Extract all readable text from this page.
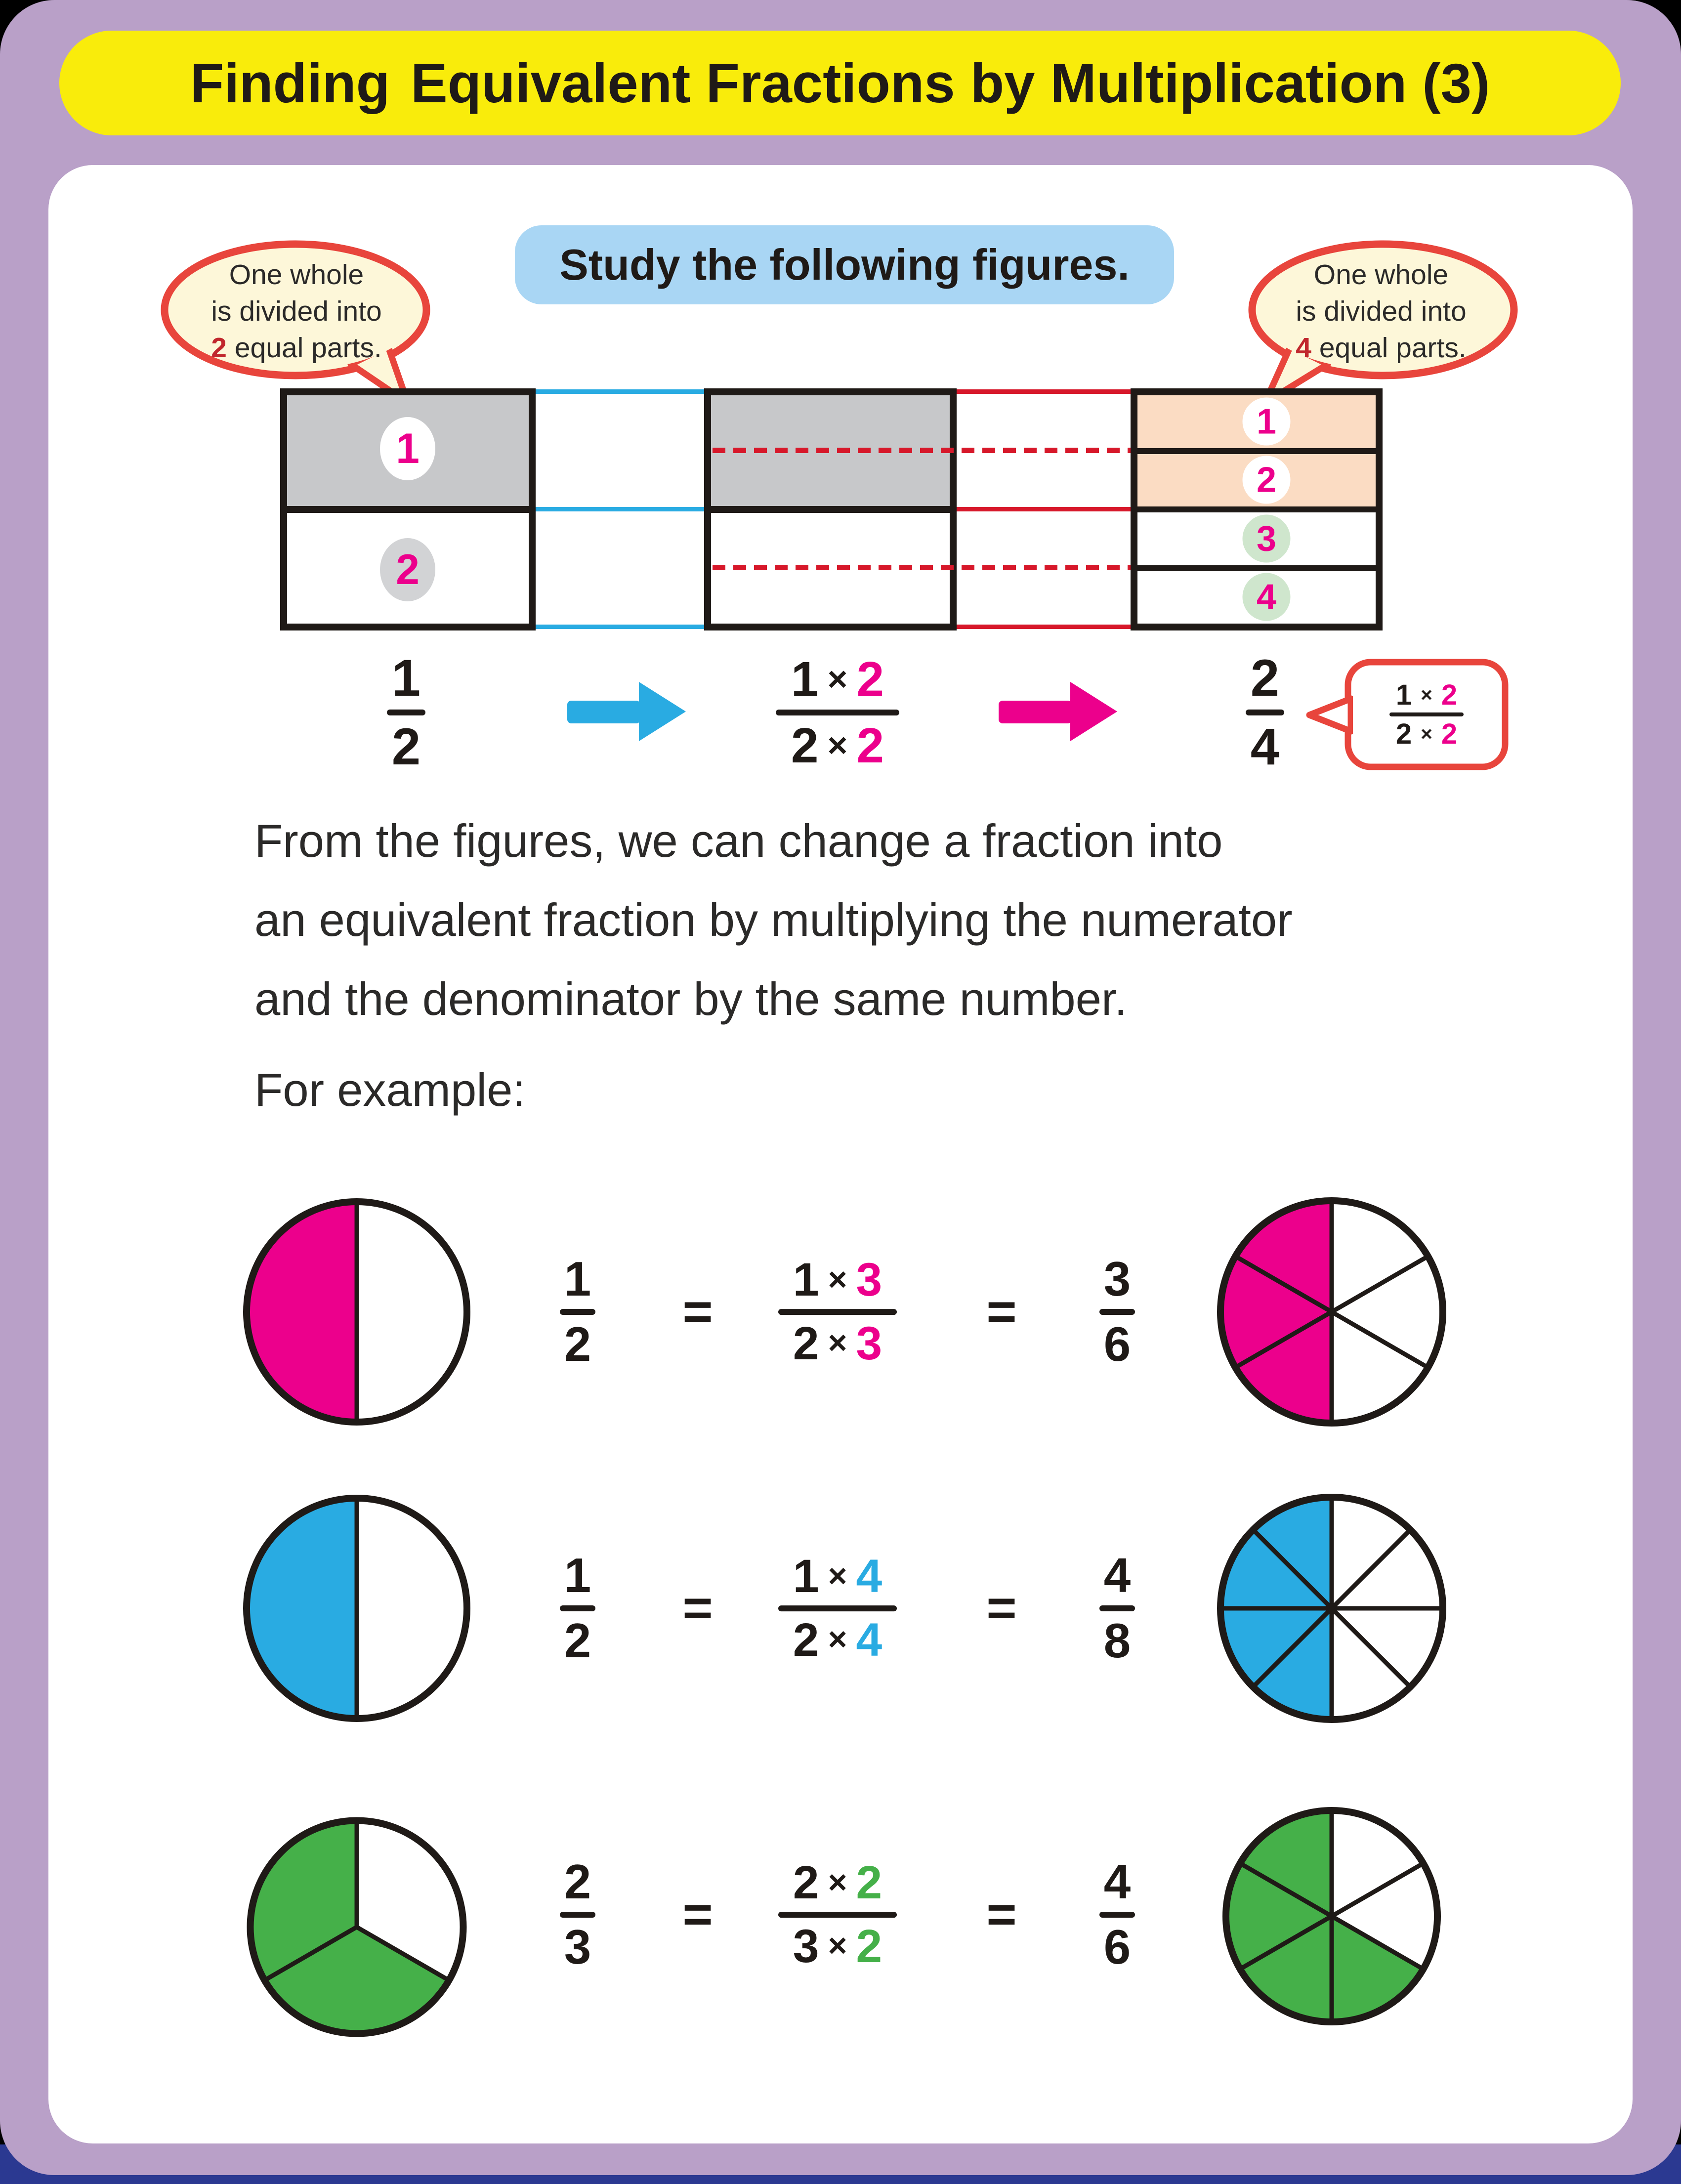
Finding Equivalent Fractions by Multiplication (3)
One whole
is divided into
2 equal parts.
One whole
is divided into
4 equal parts.
Study the following figures.
1
2
1
2
3
4
1
2
1 × 2
2 × 2
2
4
1 × 2
2 × 2
From the figures, we can change a fraction into
an equivalent fraction by multiplying the numerator
and the denominator by the same number.
For example:
1
2
=
1 × 3
2 × 3
=
3
6
1
2
=
1 × 4
2 × 4
=
4
8
2
3
=
2 × 2
3 × 2
=
4
6
